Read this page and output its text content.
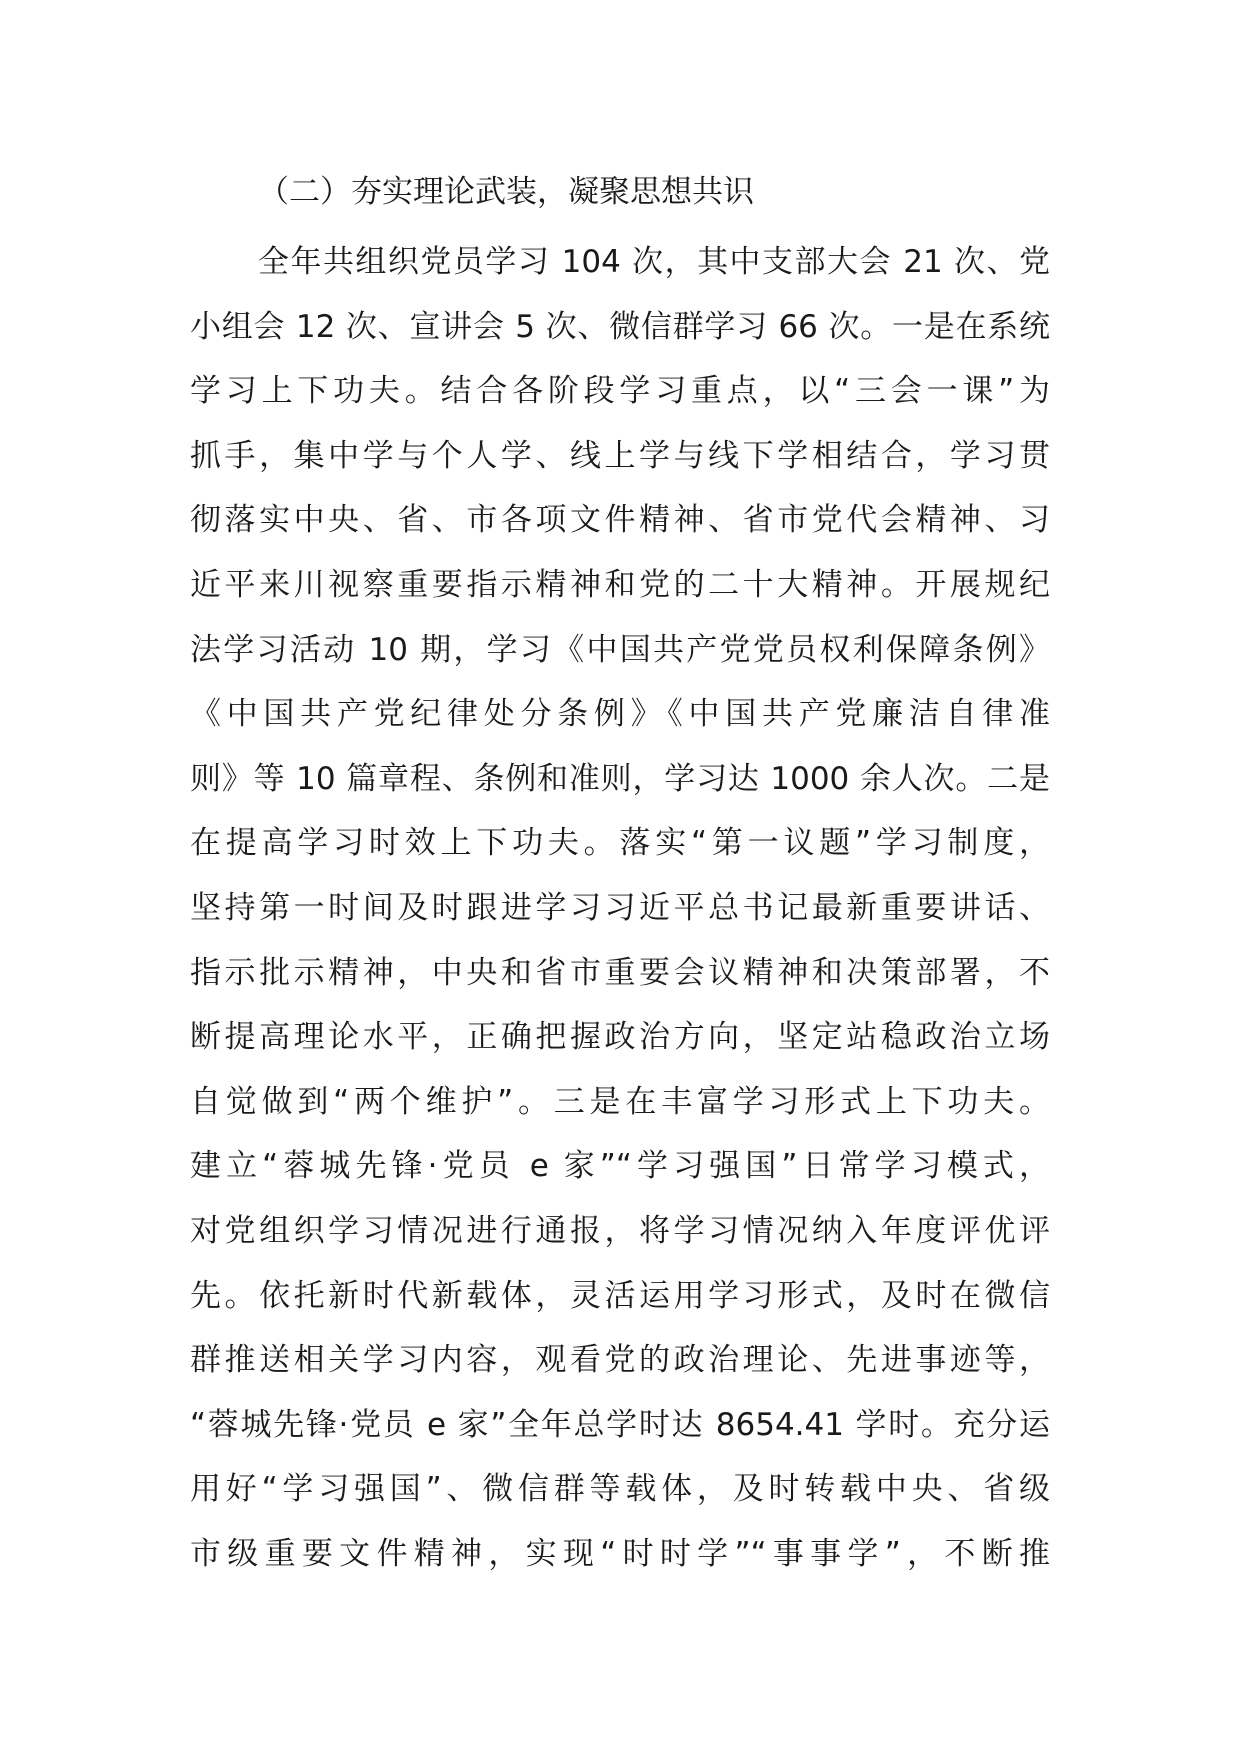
（二）夯实理论武装，凝聚思想共识
全年共组织党员学习 104 次，其中支部大会 21 次、党
小组会 12 次、宣讲会 5 次、微信群学习 66 次。一是在系统
学习上下功夫。结合各阶段学习重点，以“三会一课”为
抓手，集中学与个人学、线上学与线下学相结合，学习贯
彻落实中央、省、市各项文件精神、省市党代会精神、习
近平来川视察重要指示精神和党的二十大精神。开展规纪
法学习活动 10 期，学习《中国共产党党员权利保障条例》
《中国共产党纪律处分条例》《中国共产党廉洁自律准
则》等 10 篇章程、条例和准则，学习达 1000 余人次。二是
在提高学习时效上下功夫。落实“第一议题”学习制度，
坚持第一时间及时跟进学习习近平总书记最新重要讲话、
指示批示精神，中央和省市重要会议精神和决策部署，不
断提高理论水平，正确把握政治方向，坚定站稳政治立场
自觉做到“两个维护”。三是在丰富学习形式上下功夫。
建立“蓉城先锋·党员 e 家”“学习强国”日常学习模式，
对党组织学习情况进行通报，将学习情况纳入年度评优评
先。依托新时代新载体，灵活运用学习形式，及时在微信
群推送相关学习内容，观看党的政治理论、先进事迹等，
“蓉城先锋·党员 e 家”全年总学时达 8654.41 学时。充分运
用好“学习强国”、微信群等载体，及时转载中央、省级
市级重要文件精神，实现“时时学”“事事学”，不断推
